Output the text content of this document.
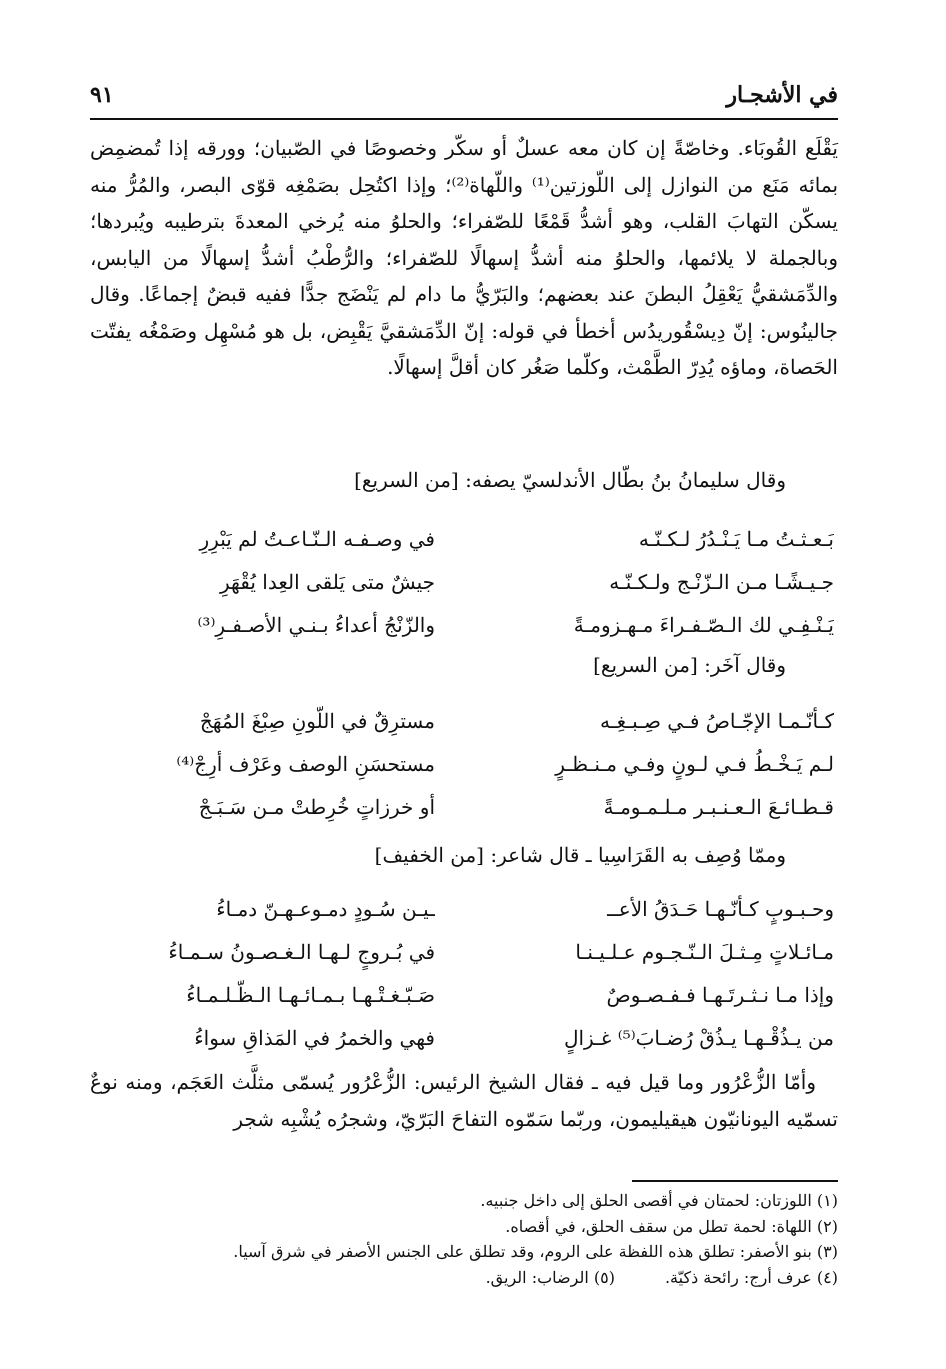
في الأشجـار
٩١

يَقْلَع القُوبَاء. وخاصّةً إن كان معه عسلٌ أو سكّر وخصوصًا في الصّبيان؛ وورقه إذا تُمضمِض بمائه مَنَع من النوازل إلى اللّوزتين⁽¹⁾ واللّهاة⁽²⁾؛ وإذا اكتُحِل بصَمْغِه قوّى البصر، والمُرُّ منه يسكّن التهابَ القلب، وهو أشدُّ قَمْعًا للصّفراء؛ والحلوُ منه يُرخي المعدةَ بترطيبه ويُبردها؛ وبالجملة لا يلائمها، والحلوُ منه أشدُّ إسهالًا للصّفراء؛ والرُّطْبُ أشدُّ إسهالًا من اليابس، والدِّمَشقيُّ يَعْقِلُ البطنَ عند بعضهم؛ والبَرّيُّ ما دام لم يَنْضَج جدًّا ففيه قبضٌ إجماعًا. وقال جالينُوس: إنّ دِيسْقُوريدُس أخطأ في قوله: إنّ الدِّمَشقيَّ يَقْبِض، بل هو مُسْهِل وصَمْغُه يفتّت الحَصاة، وماؤه يُدِرّ الطَّمْث، وكلّما صَغُر كان أقلَّ إسهالًا.

وقال سليمانُ بنُ بطّال الأندلسيّ يصفه: [من السريع]
بَـعـثـتُ مـا يَـنْـدُرُ لـكـنّـه
في وصـفـه الـنّـاعـتُ لم يَبْرِرِ
جـيـشًـا مـن الـزّنْـج ولـكـنّـه
جيشٌ متى يَلقى العِدا يُقْهَرِ
يَـنْـفِـي لك الـصّـفـراءَ مـهـزومـةً
والزّنْجُ أعداءُ بـنـي الأصـفـرِ⁽³⁾
وقال آخَر: [من السريع]
كـأنّـمـا الإجّـاصُ فـي صِـبـغِـه
مسترِقٌ في اللّونِ صِبْغَ المُهَجْ
لـم يَـخْـطُ فـي لـونٍ وفـي مـنـظـرٍ
مستحسَنِ الوصف وعَرْف أرِجْ⁽⁴⁾
قـطـائـعَ الـعـنـبـر مـلـمـومـةً
أو خرزاتٍ خُرِطتْ مـن سَـبَـجْ
وممّا وُصِف به القَرَاسِيا ـ قال شاعر: [من الخفيف]
وحـبـوبٍ كـأنّـهـا حَـدَقُ الأعــ
ـيـن سُـودٍ دمـوعـهـنّ دمـاءُ
مـائـلاتٍ مِـثـلَ الـنّـجـوم عـلـيـنـا
في بُـروجٍ لـهـا الـغـصـونُ سـمـاءُ
وإذا مـا نـثـرتَـهـا فـفـصـوصٌ
صَـبّـغـتْـهـا بـمـائـهـا الـظّـلـمـاءُ
من يـذُقْـهـا يـذُقْ رُضـابَ⁽⁵⁾ غـزالٍ
فهي والخمرُ في المَذاقِ سواءُ

وأمّا الزُّعْرُور وما قيل فيه ـ فقال الشيخ الرئيس: الزُّعْرُور يُسمّى مثلَّث العَجَم، ومنه نوعٌ تسمّيه اليونانيّون هيقيليمون، وربّما سَمّوه التفاحَ البَرّيّ، وشجرُه يُشْبِه شجر

(١) اللوزتان: لحمتان في أقصى الحلق إلى داخل جنبيه.

(٢) اللهاة: لحمة تطل من سقف الحلق، في أقصاه.

(٣) بنو الأصفر: تطلق هذه اللفظة على الروم، وقد تطلق على الجنس الأصفر في شرق آسيا.

(٤) عرف أرج: رائحة ذكيّة.

(٥) الرضاب: الريق.
